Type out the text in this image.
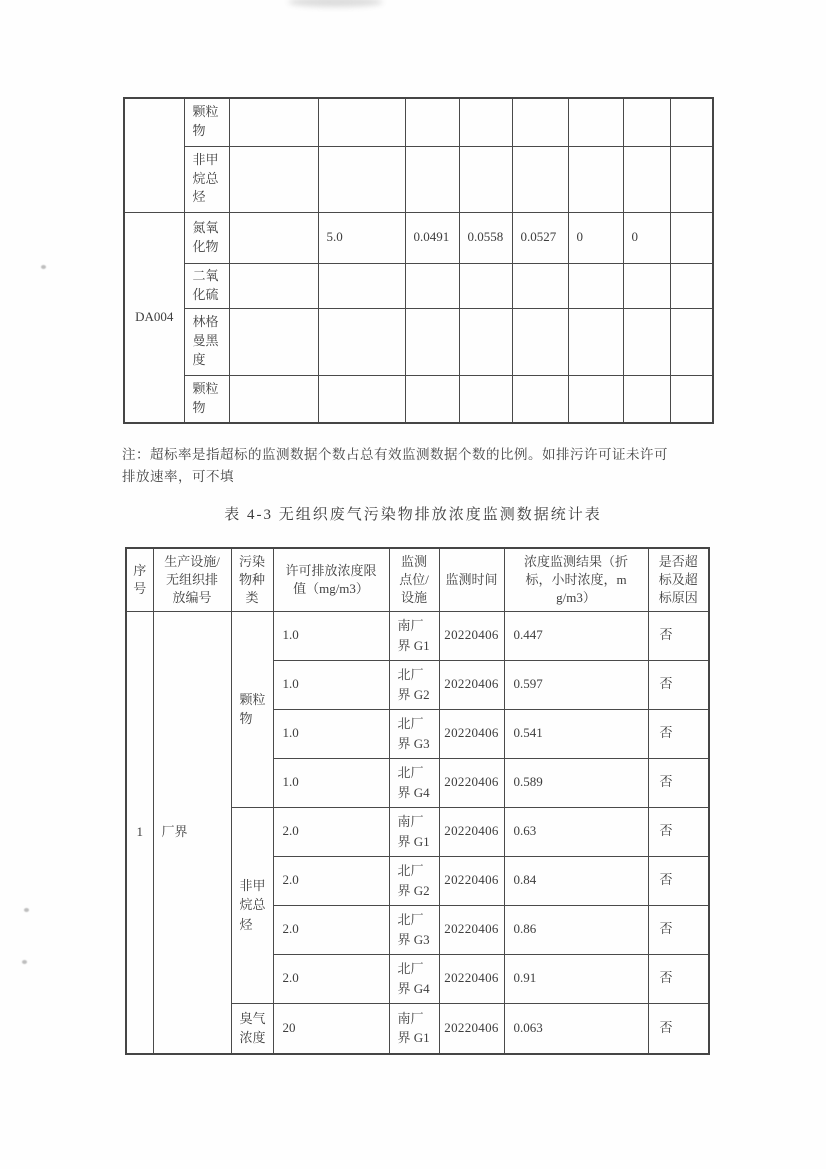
	颗粒物								
	非甲烷总烃								
DA004	氮氧化物		5.0	0.0491	0.0558	0.0527	0	0	
	二氧化硫								
	林格曼黑度								
	颗粒物								
注：超标率是指超标的监测数据个数占总有效监测数据个数的比例。如排污许可证未许可
排放速率，可不填
表 4-3 无组织废气污染物排放浓度监测数据统计表
序号	生产设施/无组织排放编号	污染物种类	许可排放浓度限值（mg/m3）	监测点位/设施	监测时间	浓度监测结果（折标，小时浓度，mg/m3）	是否超标及超标原因
1	厂界	颗粒物	1.0	南厂界 G1	20220406	0.447	否
			1.0	北厂界 G2	20220406	0.597	否
			1.0	北厂界 G3	20220406	0.541	否
			1.0	北厂界 G4	20220406	0.589	否
		非甲烷总烃	2.0	南厂界 G1	20220406	0.63	否
			2.0	北厂界 G2	20220406	0.84	否
			2.0	北厂界 G3	20220406	0.86	否
			2.0	北厂界 G4	20220406	0.91	否
		臭气浓度	20	南厂界 G1	20220406	0.063	否
